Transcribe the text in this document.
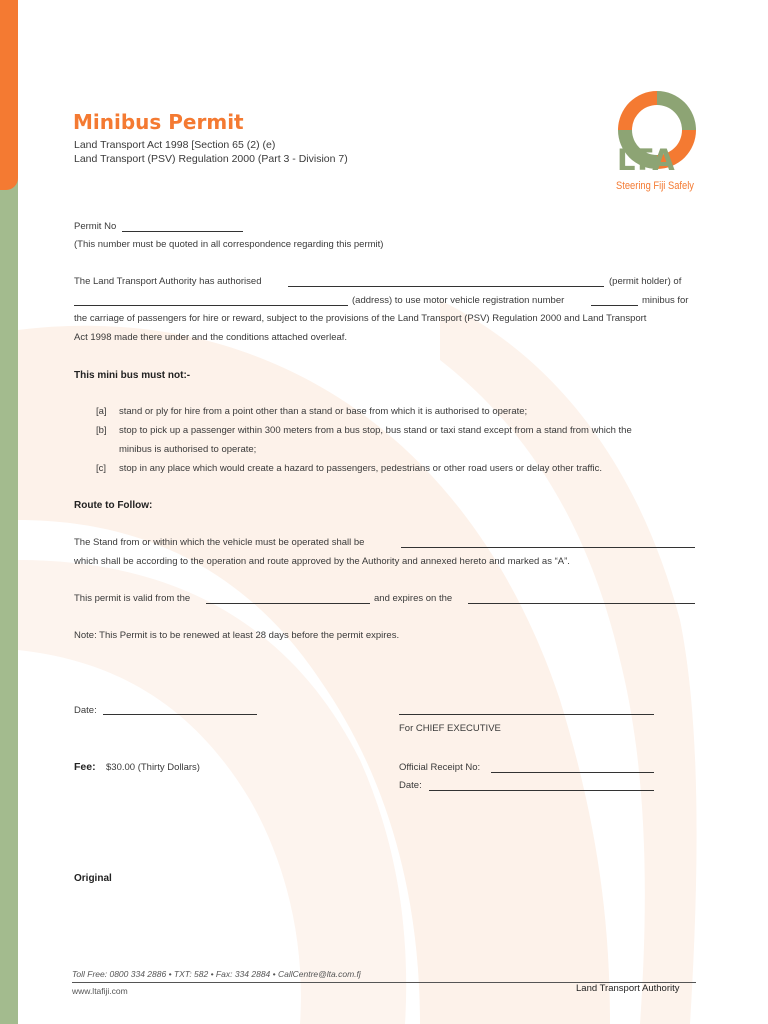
LTA
Steering Fiji Safely
Minibus Permit
Land Transport Act 1998 [Section 65 (2) (e)
Land Transport (PSV) Regulation 2000 (Part 3 - Division 7)
Permit No
(This number must be quoted in all correspondence regarding this permit)
The Land Transport Authority has authorised	(permit holder) of
(address) to use motor vehicle registration number	minibus for
the carriage of passengers for hire or reward, subject to the provisions of the Land Transport (PSV) Regulation 2000 and Land Transport
Act 1998 made there under and the conditions attached overleaf.
This mini bus must not:-
[a] stand or ply for hire from a point other than a stand or base from which it is authorised to operate;
[b] stop to pick up a passenger within 300 meters from a bus stop, bus stand or taxi stand except from a stand from which the
minibus is authorised to operate;
[c] stop in any place which would create a hazard to passengers, pedestrians or other road users or delay other traffic.
Route to Follow:
The Stand from or within which the vehicle must be operated shall be
which shall be according to the operation and route approved by the Authority and annexed hereto and marked as “A”.
This permit is valid from the	and expires on the
Note: This Permit is to be renewed at least 28 days before the permit expires.
Date:
For CHIEF EXECUTIVE
Fee: $30.00 (Thirty Dollars)	Official Receipt No:
Date:
Original
Toll Free: 0800 334 2886 • TXT: 582 • Fax: 334 2884 • CallCentre@lta.com.fj
www.ltafiji.com	Land Transport Authority
